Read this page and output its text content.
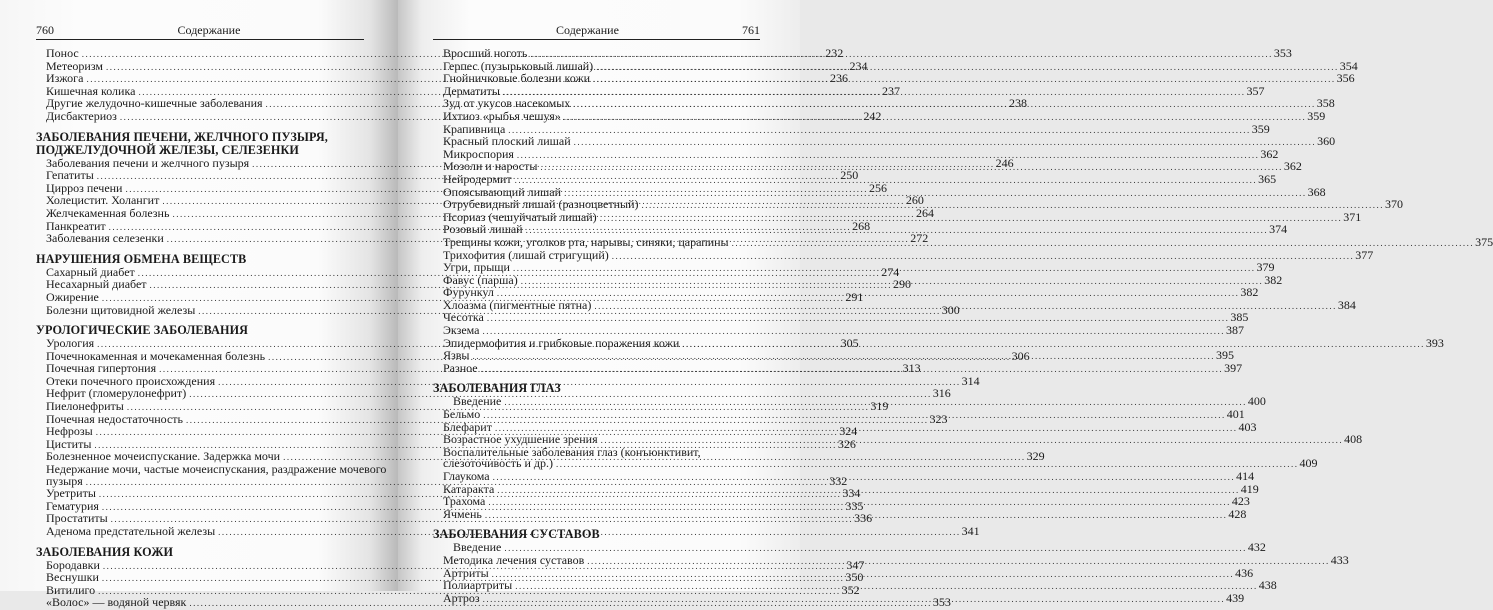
760	Содержание
Понос .....	232
Метеоризм .....	234
Изжога .....	236
Кишечная колика .....	237
Другие желудочно-кишечные заболевания .....	238
Дисбактериоз .....	242
ЗАБОЛЕВАНИЯ ПЕЧЕНИ, ЖЕЛЧНОГО ПУЗЫРЯ,
ПОДЖЕЛУДОЧНОЙ ЖЕЛЕЗЫ, СЕЛЕЗЕНКИ
Заболевания печени и желчного пузыря .....	246
Гепатиты .....	250
Цирроз печени .....	256
Холецистит. Холангит .....	260
Желчекаменная болезнь .....	264
Панкреатит .....	268
Заболевания селезенки .....	272
НАРУШЕНИЯ ОБМЕНА ВЕЩЕСТВ
Сахарный диабет .....	274
Несахарный диабет .....	290
Ожирение .....	291
Болезни щитовидной железы .....	300
УРОЛОГИЧЕСКИЕ ЗАБОЛЕВАНИЯ
Урология .....	305
Почечнокаменная и мочекаменная болезнь .....	306
Почечная гипертония .....	313
Отеки почечного происхождения .....	314
Нефрит (гломерулонефрит) .....	316
Пиелонефриты .....	319
Почечная недостаточность .....	323
Нефрозы .....	324
Циститы .....	326
Болезненное мочеиспускание. Задержка мочи .....	329
Недержание мочи, частые мочеиспускания, раздражение мочевого
пузыря .....	332
Уретриты .....	334
Гематурия .....	335
Простатиты .....	336
Аденома предстательной железы .....	341
ЗАБОЛЕВАНИЯ КОЖИ
Бородавки .....	347
Веснушки .....	350
Витилиго .....	352
«Волос» — водяной червяк .....	353
Содержание	761
Вросший ноготь .....	353
Герпес (пузырьковый лишай) .....	354
Гнойничковые болезни кожи .....	356
Дерматиты .....	357
Зуд от укусов насекомых .....	358
Ихтиоз «рыбья чешуя» .....	359
Крапивница .....	359
Красный плоский лишай .....	360
Микроспория .....	362
Мозоли и наросты .....	362
Нейродермит .....	365
Опоясывающий лишай .....	368
Отрубевидный лишай (разноцветный) .....	370
Псориаз (чешуйчатый лишай) .....	371
Розовый лишай .....	374
Трещины кожи, уголков рта, нарывы, синяки, царапины .....	375
Трихофития (лишай стригущий) .....	377
Угри, прыщи .....	379
Фавус (парша) .....	382
Фурункул .....	382
Хлоазма (пигментные пятна) .....	384
Чесотка .....	385
Экзема .....	387
Эпидермофития и грибковые поражения кожи .....	393
Язвы .....	395
Разное .....	397
ЗАБОЛЕВАНИЯ ГЛАЗ
Введение .....	400
Бельмо .....	401
Блефарит .....	403
Возрастное ухудшение зрения .....	408
Воспалительные заболевания глаз (конъюнктивит,
слезоточивость и др.) .....	409
Глаукома .....	414
Катаракта .....	419
Трахома .....	423
Ячмень .....	428
ЗАБОЛЕВАНИЯ СУСТАВОВ
Введение .....	432
Методика лечения суставов .....	433
Артриты .....	436
Полиартриты .....	438
Артроз .....	439
